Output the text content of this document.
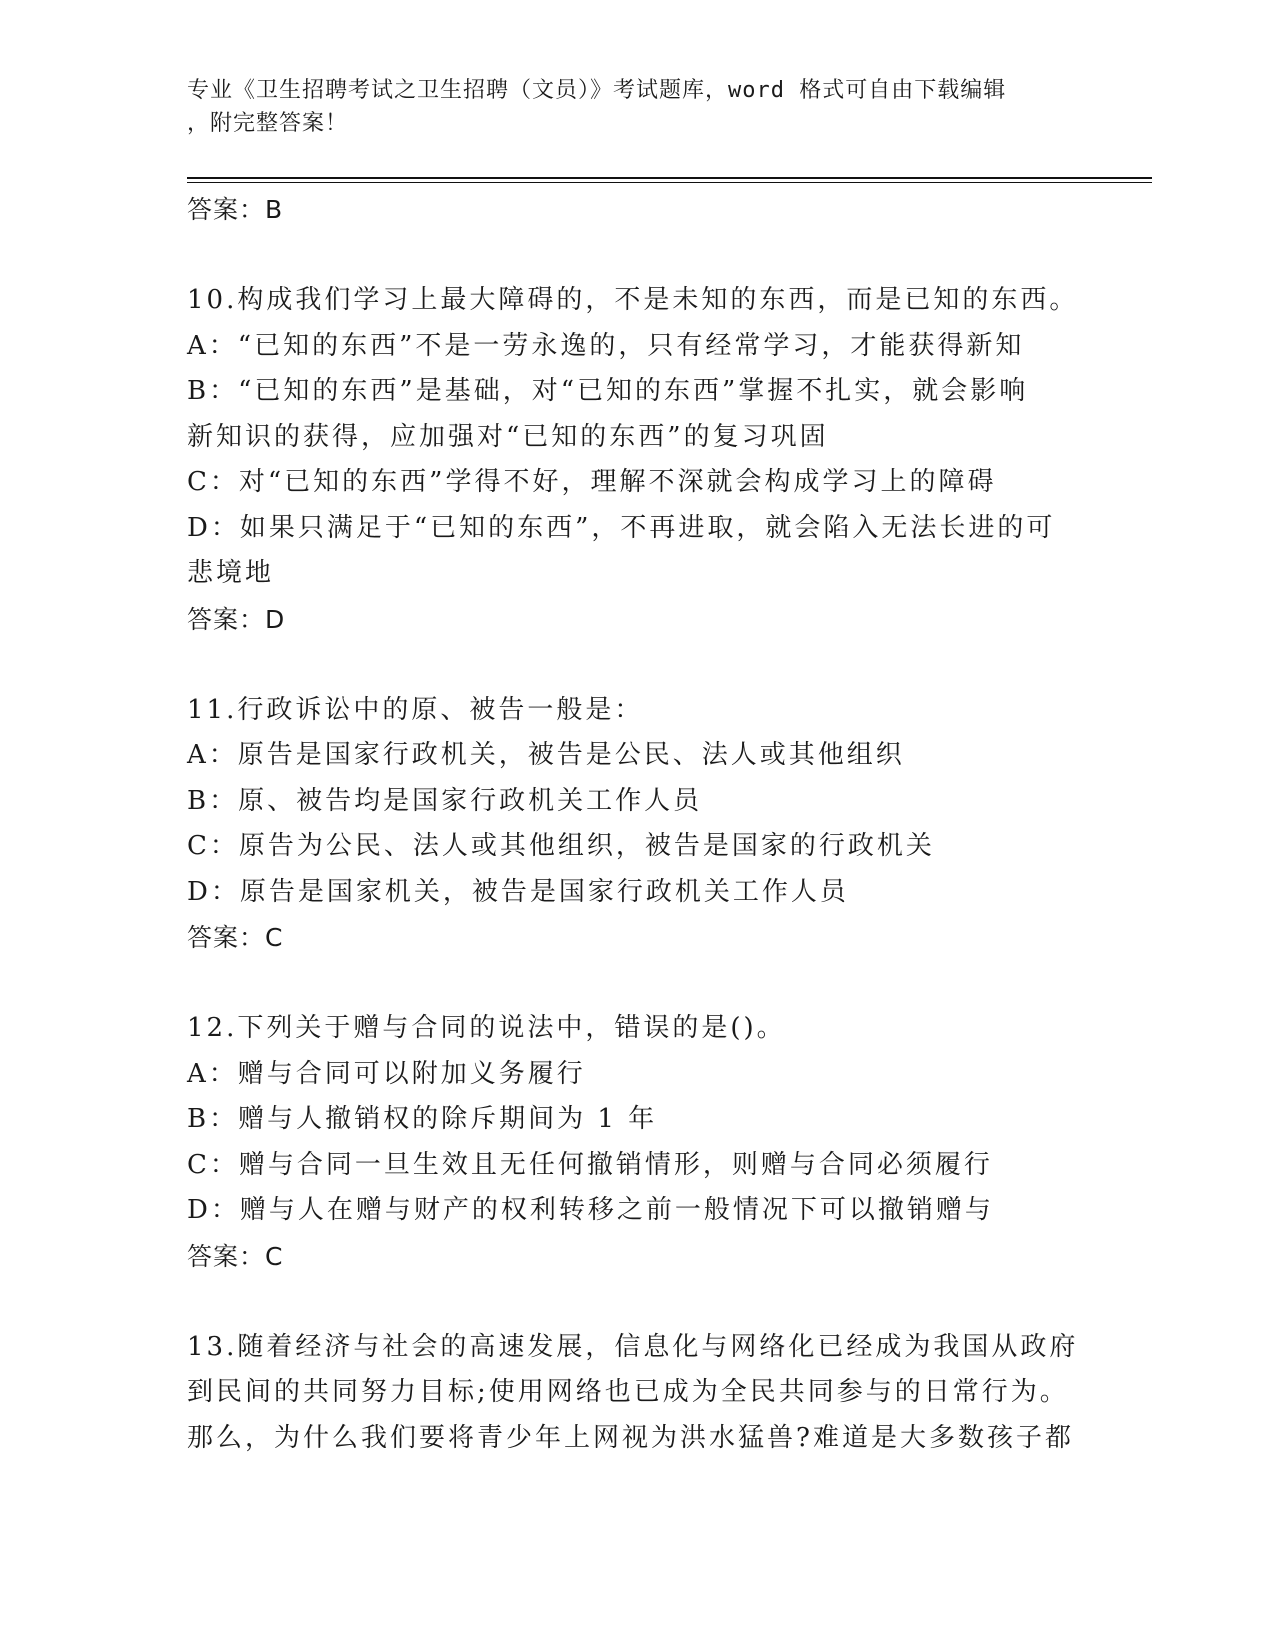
专业《卫生招聘考试之卫生招聘（文员）》考试题库，word 格式可自由下载编辑
，附完整答案！
答案：B
10.构成我们学习上最大障碍的，不是未知的东西，而是已知的东西。
A：“已知的东西”不是一劳永逸的，只有经常学习，才能获得新知
B：“已知的东西”是基础，对“已知的东西”掌握不扎实，就会影响
新知识的获得，应加强对“已知的东西”的复习巩固
C：对“已知的东西”学得不好，理解不深就会构成学习上的障碍
D：如果只满足于“已知的东西”，不再进取，就会陷入无法长进的可
悲境地
答案：D
11.行政诉讼中的原、被告一般是：
A：原告是国家行政机关，被告是公民、法人或其他组织
B：原、被告均是国家行政机关工作人员
C：原告为公民、法人或其他组织，被告是国家的行政机关
D：原告是国家机关，被告是国家行政机关工作人员
答案：C
12.下列关于赠与合同的说法中，错误的是()。
A：赠与合同可以附加义务履行
B：赠与人撤销权的除斥期间为 1 年
C：赠与合同一旦生效且无任何撤销情形，则赠与合同必须履行
D：赠与人在赠与财产的权利转移之前一般情况下可以撤销赠与
答案：C
13.随着经济与社会的高速发展，信息化与网络化已经成为我国从政府
到民间的共同努力目标;使用网络也已成为全民共同参与的日常行为。
那么，为什么我们要将青少年上网视为洪水猛兽?难道是大多数孩子都
